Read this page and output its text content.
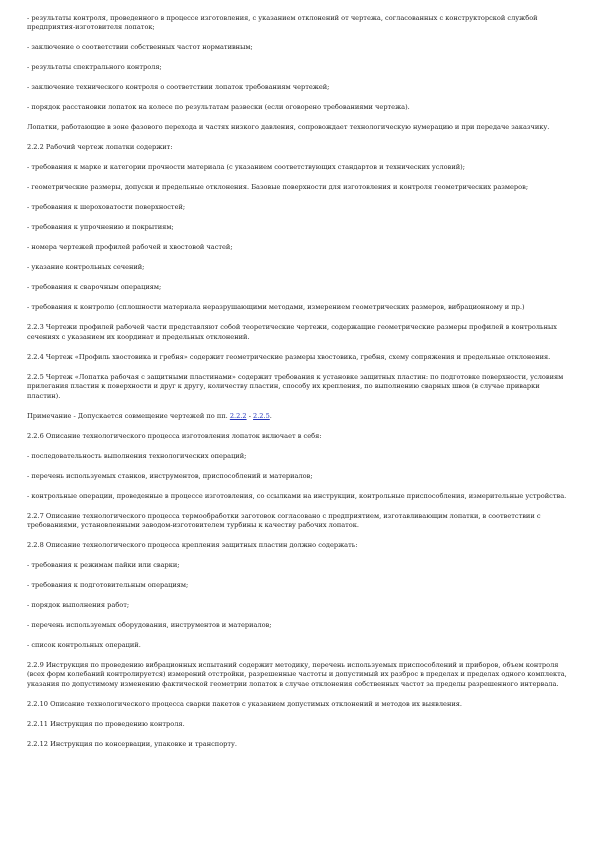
- результаты контроля, проведенного в процессе изготовления, с указанием отклонений от чертежа, согласованных с конструкторской службой предприятия-изготовителя лопаток;

- заключение о соответствии собственных частот нормативным;

- результаты спектрального контроля;

- заключение технического контроля о соответствии лопаток требованиям чертежей;

- порядок расстановки лопаток на колесе по результатам развески (если оговорено требованиями чертежа).

Лопатки, работающие в зоне фазового перехода и частях низкого давления, сопровождает технологическую нумерацию и при передаче заказчику.

2.2.2 Рабочий чертеж лопатки содержит:

- требования к марке и категории прочности материала (с указанием соответствующих стандартов и технических условий);

- геометрические размеры, допуски и предельные отклонения. Базовые поверхности для изготовления и контроля геометрических размеров;

- требования к шероховатости поверхностей;

- требования к упрочнению и покрытиям;

- номера чертежей профилей рабочей и хвостовой частей;

- указание контрольных сечений;

- требования к сварочным операциям;

- требования к контролю (сплошности материала неразрушающими методами, измерением геометрических размеров, вибрационному и пр.)

2.2.3 Чертежи профилей рабочей части представляют собой теоретические чертежи, содержащие геометрические размеры профилей в контрольных сечениях с указанием их координат и предельных отклонений.

2.2.4 Чертеж «Профиль хвостовика и гребня» содержит геометрические размеры хвостовика, гребня, схему сопряжения и предельные отклонения.

2.2.5 Чертеж «Лопатка рабочая с защитными пластинами» содержит требования к установке защитных пластин: по подготовке поверхности, условиям прилегания пластин к поверхности и друг к другу, количеству пластин, способу их крепления, по выполнению сварных швов (в случае приварки пластин).

Примечание - Допускается совмещение чертежей по пп. 2.2.2 - 2.2.5.

2.2.6 Описание технологического процесса изготовления лопаток включает в себя:

- последовательность выполнения технологических операций;

- перечень используемых станков, инструментов, приспособлений и материалов;

- контрольные операции, проведенные в процессе изготовления, со ссылками на инструкции, контрольные приспособления, измерительные устройства.

2.2.7 Описание технологического процесса термообработки заготовок согласовано с предприятием, изготавливающим лопатки, в соответствии с требованиями, установленными заводом-изготовителем турбины к качеству рабочих лопаток.

2.2.8 Описание технологического процесса крепления защитных пластин должно содержать:

- требования к режимам пайки или сварки;

- требования к подготовительным операциям;

- порядок выполнения работ;

- перечень используемых оборудования, инструментов и материалов;

- список контрольных операций.

2.2.9 Инструкция по проведению вибрационных испытаний содержит методику, перечень используемых приспособлений и приборов, объем контроля (всех форм колебаний контролируется) измерений отстройки, разрешенные частоты и допустимый их разброс в пределах и пределах одного комплекта, указания по допустимому изменению фактической геометрии лопаток в случае отклонения собственных частот за пределы разрешенного интервала.

2.2.10 Описание технологического процесса сварки пакетов с указанием допустимых отклонений и методов их выявления.

2.2.11 Инструкция по проведению контроля.

2.2.12 Инструкция по консервации, упаковке и транспорту.
